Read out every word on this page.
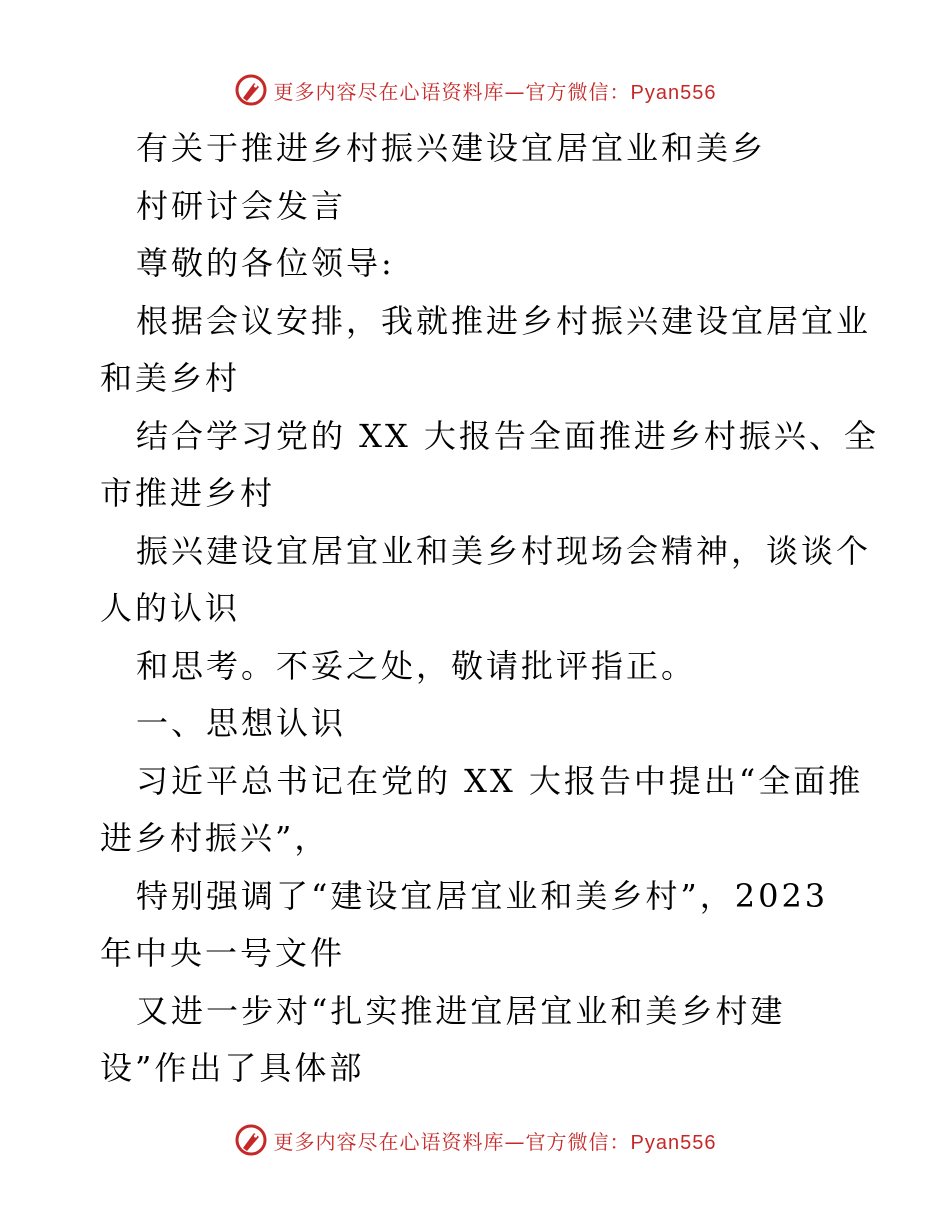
更多内容尽在心语资料库—官方微信：Pyan556
有关于推进乡村振兴建设宜居宜业和美乡
村研讨会发言
尊敬的各位领导:
根据会议安排，我就推进乡村振兴建设宜居宜业
和美乡村
结合学习党的 XX 大报告全面推进乡村振兴、全
市推进乡村
振兴建设宜居宜业和美乡村现场会精神，谈谈个
人的认识
和思考。不妥之处，敬请批评指正。
一、思想认识
习近平总书记在党的 XX 大报告中提出“全面推
进乡村振兴”，
特别强调了“建设宜居宜业和美乡村”，2023
年中央一号文件
又进一步对“扎实推进宜居宜业和美乡村建
设”作出了具体部
更多内容尽在心语资料库—官方微信：Pyan556
